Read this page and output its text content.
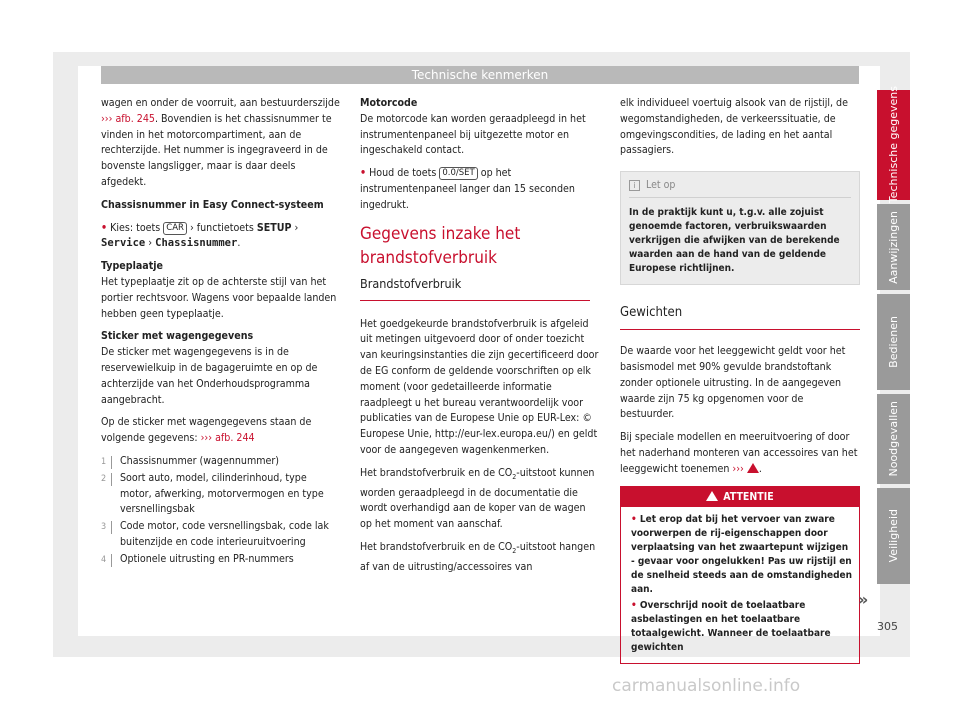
Technische kenmerken

wagen en onder de voorruit, aan bestuurderszijde ››› afb. 245. Bovendien is het chassisnummer te vinden in het motorcompartiment, aan de rechterzijde. Het nummer is ingegraveerd in de bovenste langsligger, maar is daar deels afgedekt.

Chassisnummer in Easy Connect-systeem

• Kies: toets CAR › functietoets SETUP › Service › Chassisnummer.

Typeplaatje

Het typeplaatje zit op de achterste stijl van het portier rechtsvoor. Wagens voor bepaalde landen hebben geen typeplaatje.

Sticker met wagengegevens

De sticker met wagengegevens is in de reservewielkuip in de bagageruimte en op de achterzijde van het Onderhoudsprogramma aangebracht.

Op de sticker met wagengegevens staan de volgende gegevens: ››› afb. 244

1	Chassisnummer (wagennummer)
2	Soort auto, model, cilinderinhoud, type motor, afwerking, motorvermogen en type versnellingsbak
3	Code motor, code versnellingsbak, code lak buitenzijde en code interieuruitvoering
4	Optionele uitrusting en PR-nummers

Motorcode

De motorcode kan worden geraadpleegd in het instrumentenpaneel bij uitgezette motor en ingeschakeld contact.

• Houd de toets 0.0/SET op het instrumentenpaneel langer dan 15 seconden ingedrukt.

Gegevens inzake het brandstofverbruik
Brandstofverbruik

Het goedgekeurde brandstofverbruik is afgeleid uit metingen uitgevoerd door of onder toezicht van keuringsinstanties die zijn gecertificeerd door de EG conform de geldende voorschriften op elk moment (voor gedetailleerde informatie raadpleegt u het bureau verantwoordelijk voor publicaties van de Europese Unie op EUR-Lex: © Europese Unie, http://eur-lex.europa.eu/) en geldt voor de aangegeven wagenkenmerken.

Het brandstofverbruik en de $CO_2$-uitstoot kunnen worden geraadpleegd in de documentatie die wordt overhandigd aan de koper van de wagen op het moment van aanschaf.

Het brandstofverbruik en de $CO_2$-uitstoot hangen af van de uitrusting/accessoires van

elk individueel voertuig alsook van de rijstijl, de wegomstandigheden, de verkeerssituatie, de omgevingscondities, de lading en het aantal passagiers.

i Let op
In de praktijk kunt u, t.g.v. alle zojuist genoemde factoren, verbruikswaarden verkrijgen die afwijken van de berekende waarden aan de hand van de geldende Europese richtlijnen.
Gewichten

De waarde voor het leeggewicht geldt voor het basismodel met 90% gevulde brandstoftank zonder optionele uitrusting. In de aangegeven waarde zijn 75 kg opgenomen voor de bestuurder.

Bij speciale modellen en meeruitvoering of door het naderhand monteren van accessoires van het leeggewicht toenemen ››› .

ATTENTIE
• Let erop dat bij het vervoer van zware voorwerpen de rij-eigenschappen door verplaatsing van het zwaartepunt wijzigen - gevaar voor ongelukken! Pas uw rijstijl en de snelheid steeds aan de omstandigheden aan.
• Overschrijd nooit de toelaatbare asbelastingen en het toelaatbare totaalgewicht. Wanneer de toelaatbare gewichten
»
Technische gegevens
Aanwijzingen
Bedienen
Noodgevallen
Veiligheid
305
carmanualsonline.info
